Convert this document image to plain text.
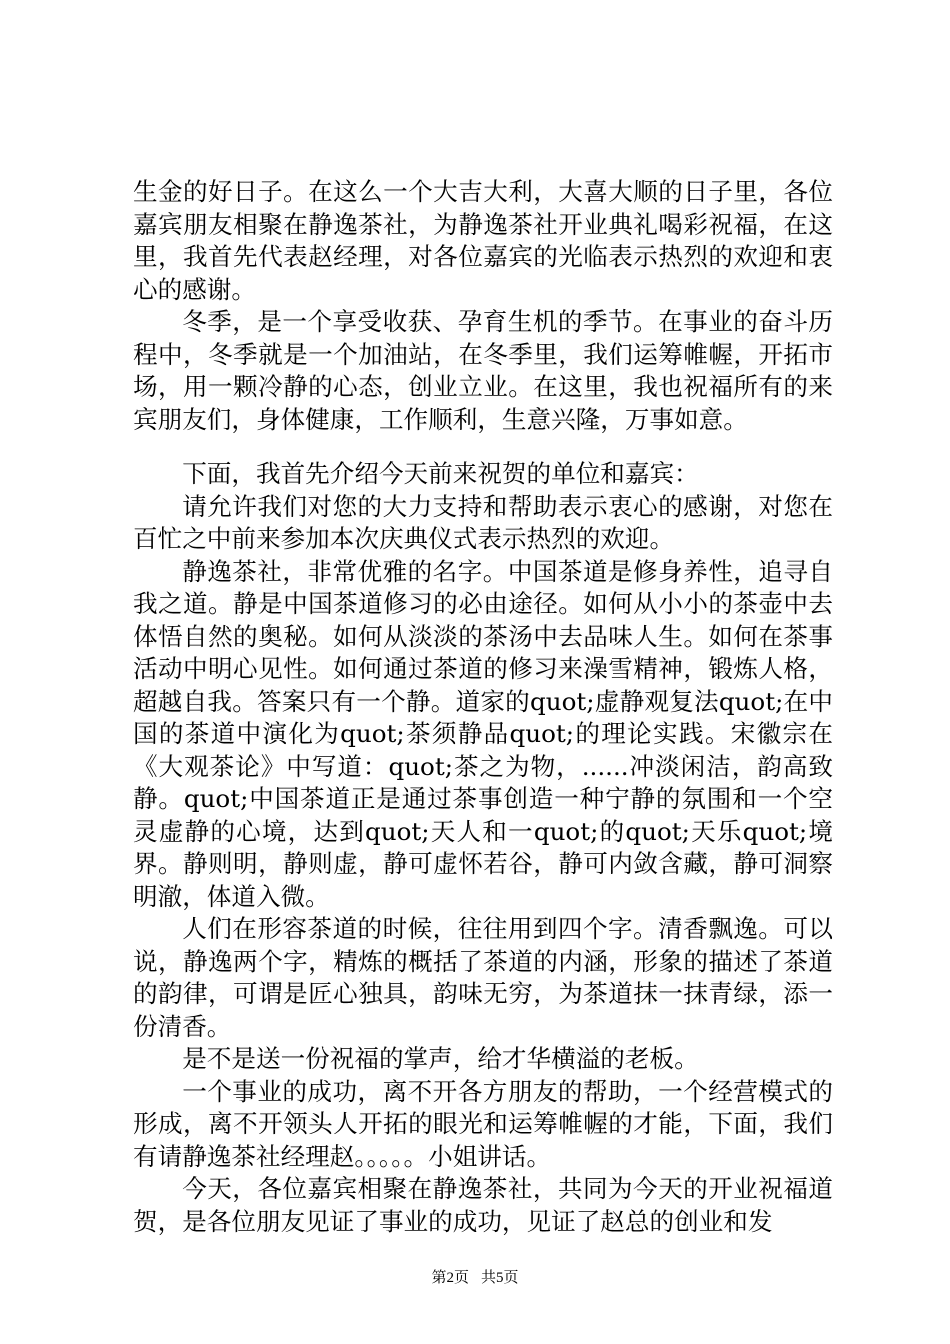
生金的好日子。在这么一个大吉大利，大喜大顺的日子里，各位嘉宾朋友相聚在静逸茶社，为静逸茶社开业典礼喝彩祝福，在这里，我首先代表赵经理，对各位嘉宾的光临表示热烈的欢迎和衷心的感谢。

冬季，是一个享受收获、孕育生机的季节。在事业的奋斗历程中，冬季就是一个加油站，在冬季里，我们运筹帷幄，开拓市场，用一颗冷静的心态，创业立业。在这里，我也祝福所有的来宾朋友们，身体健康，工作顺利，生意兴隆，万事如意。

下面，我首先介绍今天前来祝贺的单位和嘉宾：

请允许我们对您的大力支持和帮助表示衷心的感谢，对您在百忙之中前来参加本次庆典仪式表示热烈的欢迎。

静逸茶社，非常优雅的名字。中国茶道是修身养性，追寻自我之道。静是中国茶道修习的必由途径。如何从小小的茶壶中去体悟自然的奥秘。如何从淡淡的茶汤中去品味人生。如何在茶事活动中明心见性。如何通过茶道的修习来澡雪精神，锻炼人格，超越自我。答案只有一个静。道家的quot;虚静观复法quot;在中国的茶道中演化为quot;茶须静品quot;的理论实践。宋徽宗在《大观茶论》中写道：quot;茶之为物，......冲淡闲洁，韵高致静。quot;中国茶道正是通过茶事创造一种宁静的氛围和一个空灵虚静的心境，达到quot;天人和一quot;的quot;天乐quot;境界。静则明，静则虚，静可虚怀若谷，静可内敛含藏，静可洞察明澈，体道入微。

人们在形容茶道的时候，往往用到四个字。清香飘逸。可以说，静逸两个字，精炼的概括了茶道的内涵，形象的描述了茶道的韵律，可谓是匠心独具，韵味无穷，为茶道抹一抹青绿，添一份清香。

是不是送一份祝福的掌声，给才华横溢的老板。

一个事业的成功，离不开各方朋友的帮助，一个经营模式的形成，离不开领头人开拓的眼光和运筹帷幄的才能，下面，我们有请静逸茶社经理赵。。。。。小姐讲话。

今天，各位嘉宾相聚在静逸茶社，共同为今天的开业祝福道贺，是各位朋友见证了事业的成功，见证了赵总的创业和发

第2页 共5页
